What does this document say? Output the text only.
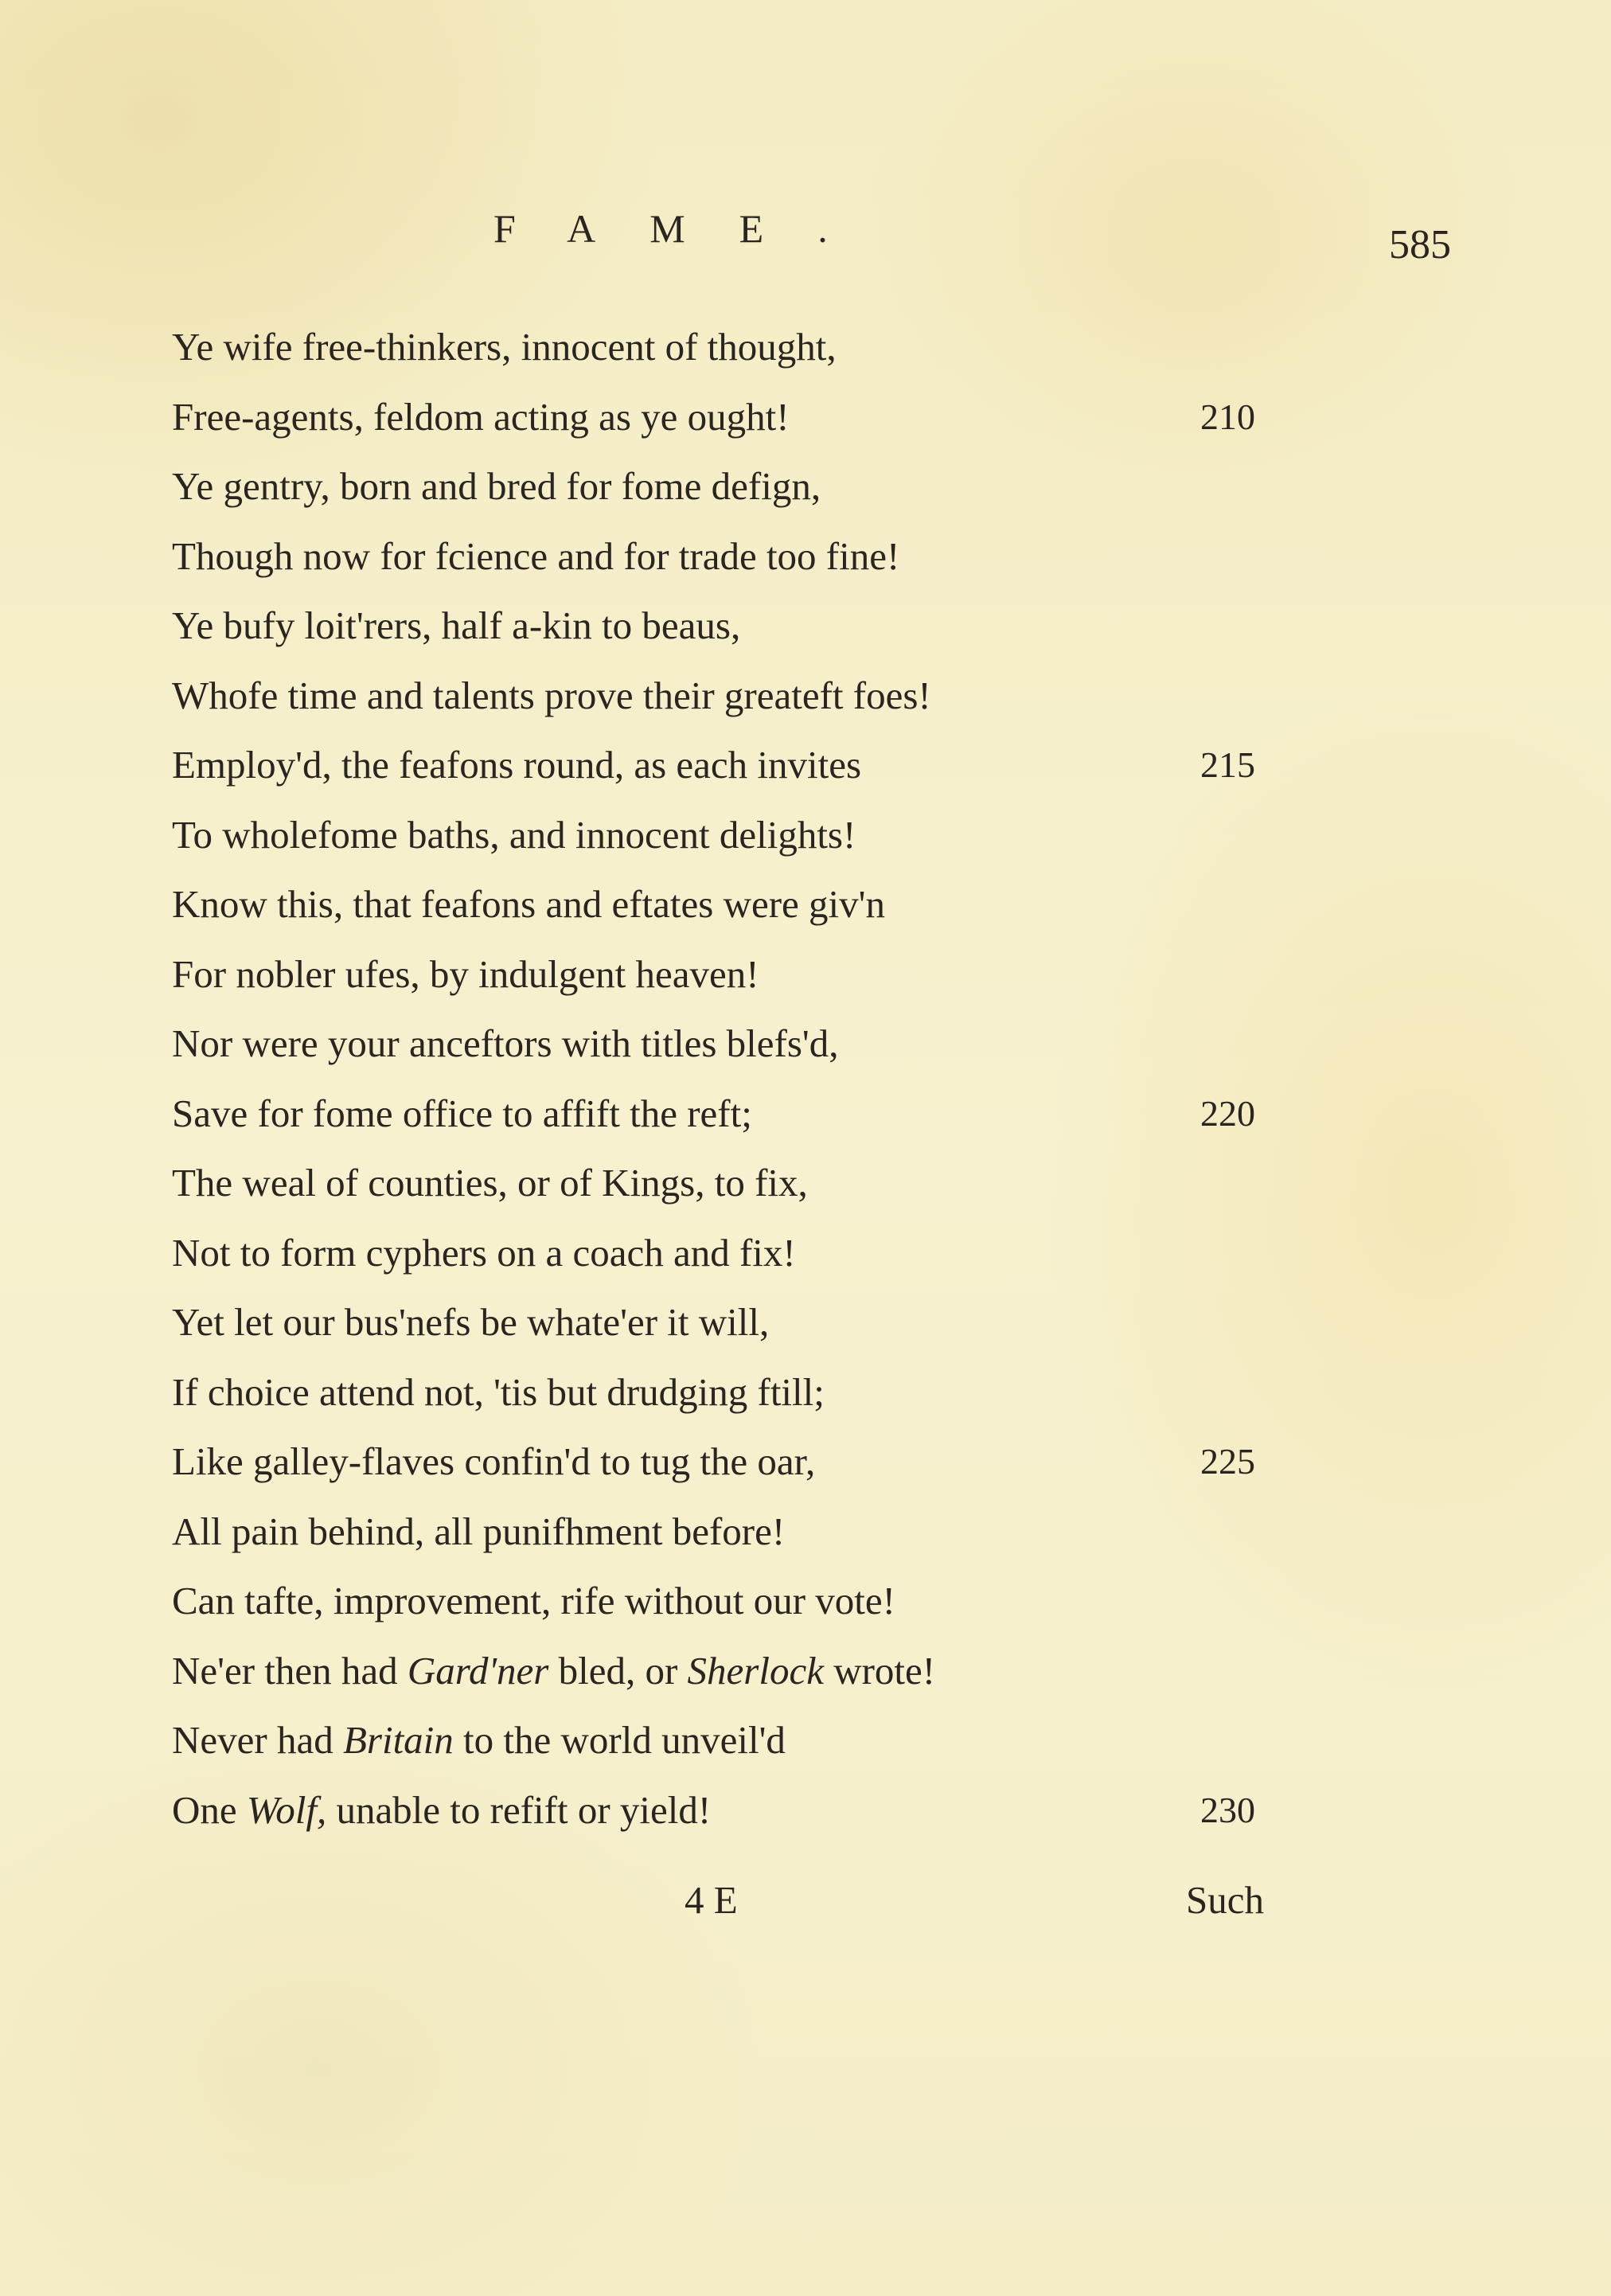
FAME.	585
Ye wife free-thinkers, innocent of thought,
Free-agents, feldom acting as ye ought!	210
Ye gentry, born and bred for fome defign,
Though now for fcience and for trade too fine!
Ye bufy loit'rers, half a-kin to beaus,
Whofe time and talents prove their greateft foes!
Employ'd, the feafons round, as each invites	215
To wholefome baths, and innocent delights!
Know this, that feafons and eftates were giv'n
For nobler ufes, by indulgent heaven!
Nor were your anceftors with titles blefs'd,
Save for fome office to affift the reft;	220
The weal of counties, or of Kings, to fix,
Not to form cyphers on a coach and fix!
Yet let our bus'nefs be whate'er it will,
If choice attend not, 'tis but drudging ftill;
Like galley-flaves confin'd to tug the oar,	225
All pain behind, all punifhment before!
Can tafte, improvement, rife without our vote!
Ne'er then had Gard'ner bled, or Sherlock wrote!
Never had Britain to the world unveil'd
One Wolf, unable to refift or yield!	230
4 E	Such
